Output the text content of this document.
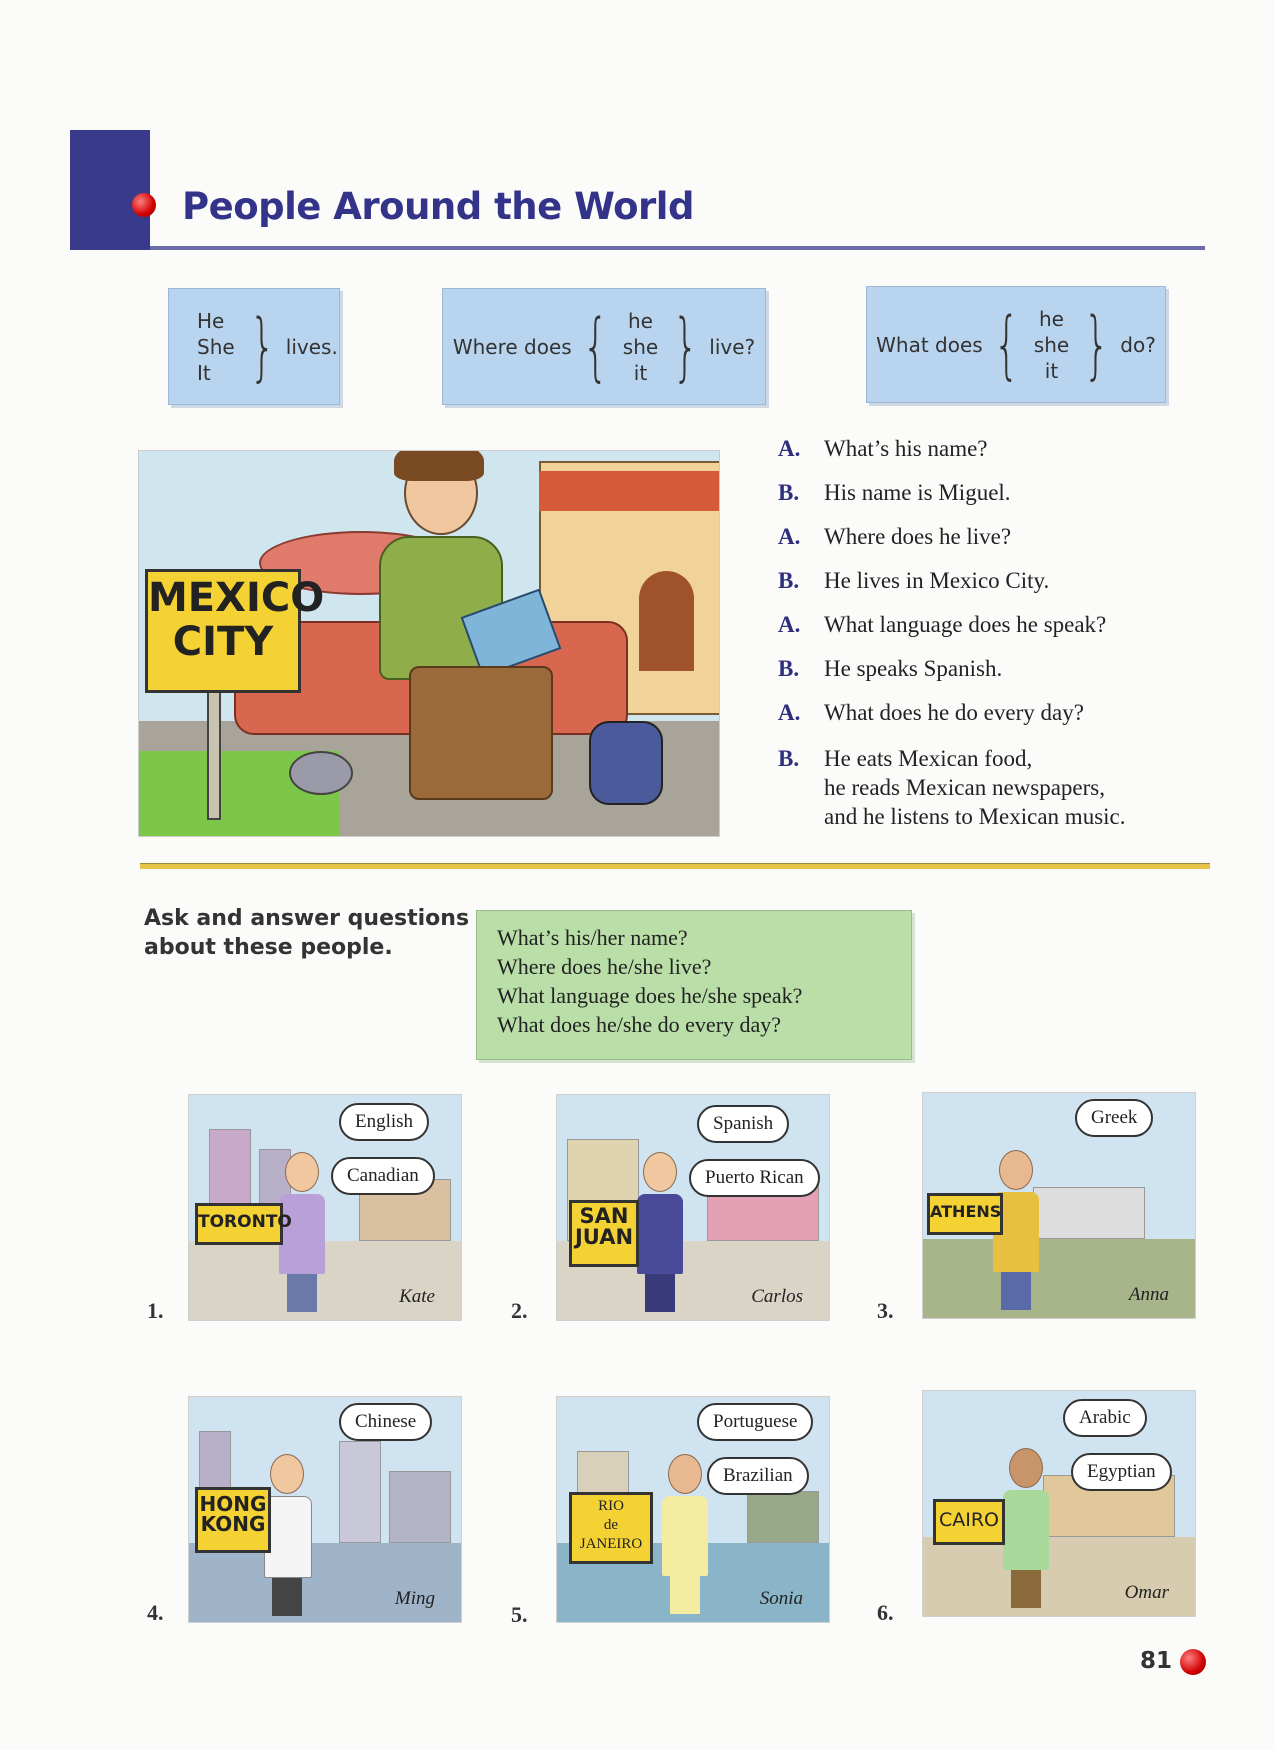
People Around the World
He
She
It } lives.	Where does { he
she
it } live?	What does { he
she
it } do?
MEXICO
CITY
A. What’s his name?
B. His name is Miguel.
A. Where does he live?
B. He lives in Mexico City.
A. What language does he speak?
B. He speaks Spanish.
A. What does he do every day?
B. He eats Mexican food,
he reads Mexican newspapers,
and he listens to Mexican music.
Ask and answer questions
about these people.	What’s his/her name?
Where does he/she live?
What language does he/she speak?
What does he/she do every day?
TORONTO
English
Canadian
Kate
1.
SAN
JUAN
Spanish
Puerto Rican
Carlos
2.
ATHENS
Greek
Anna
3.
HONG
KONG
Chinese
Ming
4.
RIO
de
JANEIRO
Portuguese
Brazilian
Sonia
5.
CAIRO
Arabic
Egyptian
Omar
6.
81
